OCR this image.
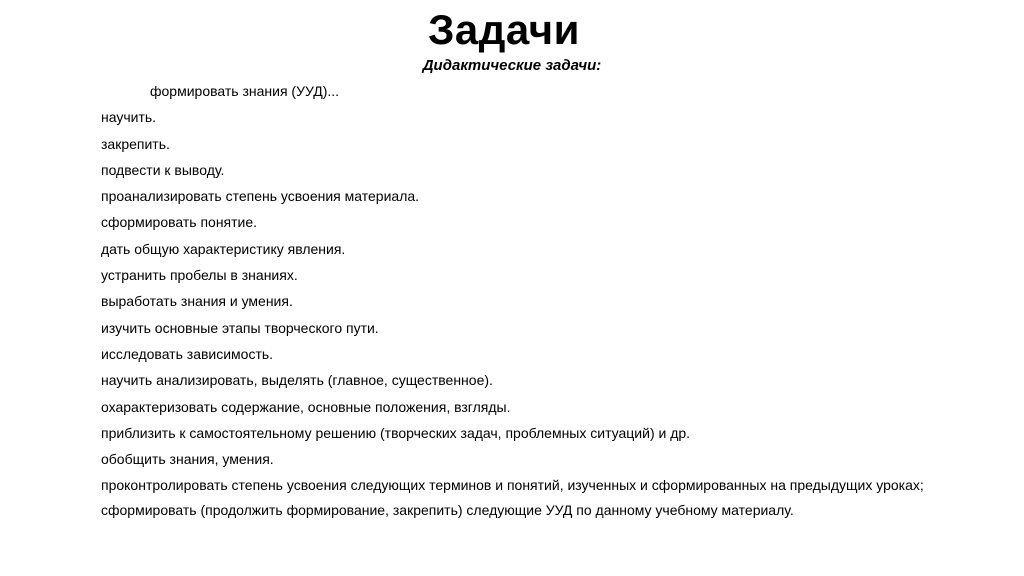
Задачи
Дидактические задачи:
формировать знания (УУД)...
научить.
закрепить.
подвести к выводу.
проанализировать степень усвоения материала.
сформировать понятие.
дать общую характеристику явления.
устранить пробелы в знаниях.
выработать знания и умения.
изучить основные этапы творческого пути.
исследовать зависимость.
научить анализировать, выделять (главное, существенное).
охарактеризовать содержание, основные положения, взгляды.
приблизить к самостоятельному решению (творческих задач, проблемных ситуаций) и др.
обобщить знания, умения.
проконтролировать степень усвоения следующих терминов и понятий, изученных и сформированных на предыдущих уроках;
сформировать (продолжить формирование, закрепить) следующие УУД по данному учебному материалу.
